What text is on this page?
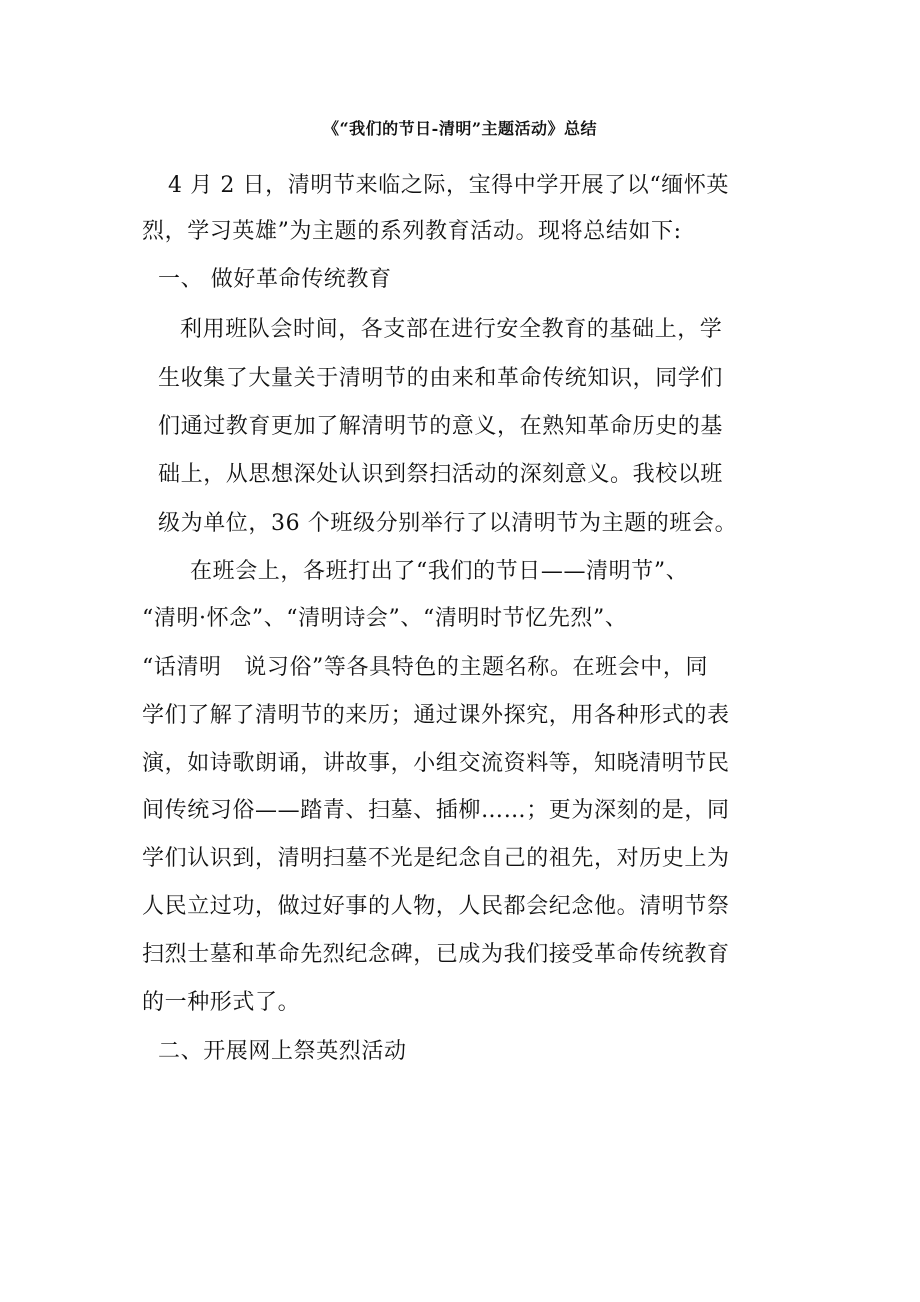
《“我们的节日-清明”主题活动》总结
4 月 2 日，清明节来临之际，宝得中学开展了以“缅怀英
烈，学习英雄”为主题的系列教育活动。现将总结如下:
一、 做好革命传统教育
利用班队会时间，各支部在进行安全教育的基础上，学
生收集了大量关于清明节的由来和革命传统知识，同学们
们通过教育更加了解清明节的意义，在熟知革命历史的基
础上，从思想深处认识到祭扫活动的深刻意义。我校以班
级为单位，36 个班级分别举行了以清明节为主题的班会。
在班会上，各班打出了“我们的节日——清明节”、
“清明·怀念”、“清明诗会”、“清明时节忆先烈”、
“话清明　说习俗”等各具特色的主题名称。在班会中，同
学们了解了清明节的来历；通过课外探究，用各种形式的表
演，如诗歌朗诵，讲故事，小组交流资料等，知晓清明节民
间传统习俗——踏青、扫墓、插柳……；更为深刻的是，同
学们认识到，清明扫墓不光是纪念自己的祖先，对历史上为
人民立过功，做过好事的人物，人民都会纪念他。清明节祭
扫烈士墓和革命先烈纪念碑，已成为我们接受革命传统教育
的一种形式了。
二、开展网上祭英烈活动
